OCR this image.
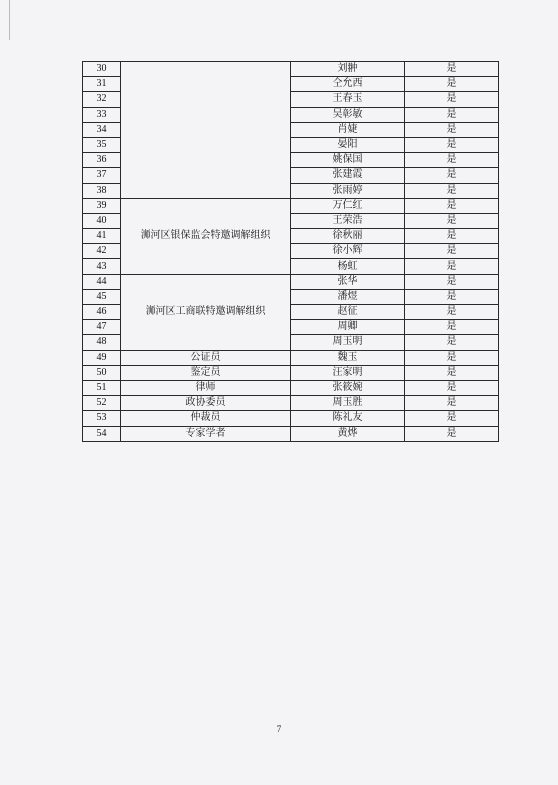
30		刘翀	是
31		仝允西	是
32		王春玉	是
33		吴彰敏	是
34		肖婕	是
35		晏阳	是
36		姚保国	是
37		张建霞	是
38		张雨婷	是
39	浉河区银保监会特邀调解组织	万仁红	是
40		王荣浩	是
41		徐秋丽	是
42		徐小辉	是
43		杨虹	是
44	浉河区工商联特邀调解组织	张华	是
45		潘煜	是
46		赵征	是
47		周卿	是
48		周玉明	是
49	公证员	魏玉	是
50	鉴定员	汪家明	是
51	律师	张筱婉	是
52	政协委员	周玉胜	是
53	仲裁员	陈礼友	是
54	专家学者	黄烨	是
7
